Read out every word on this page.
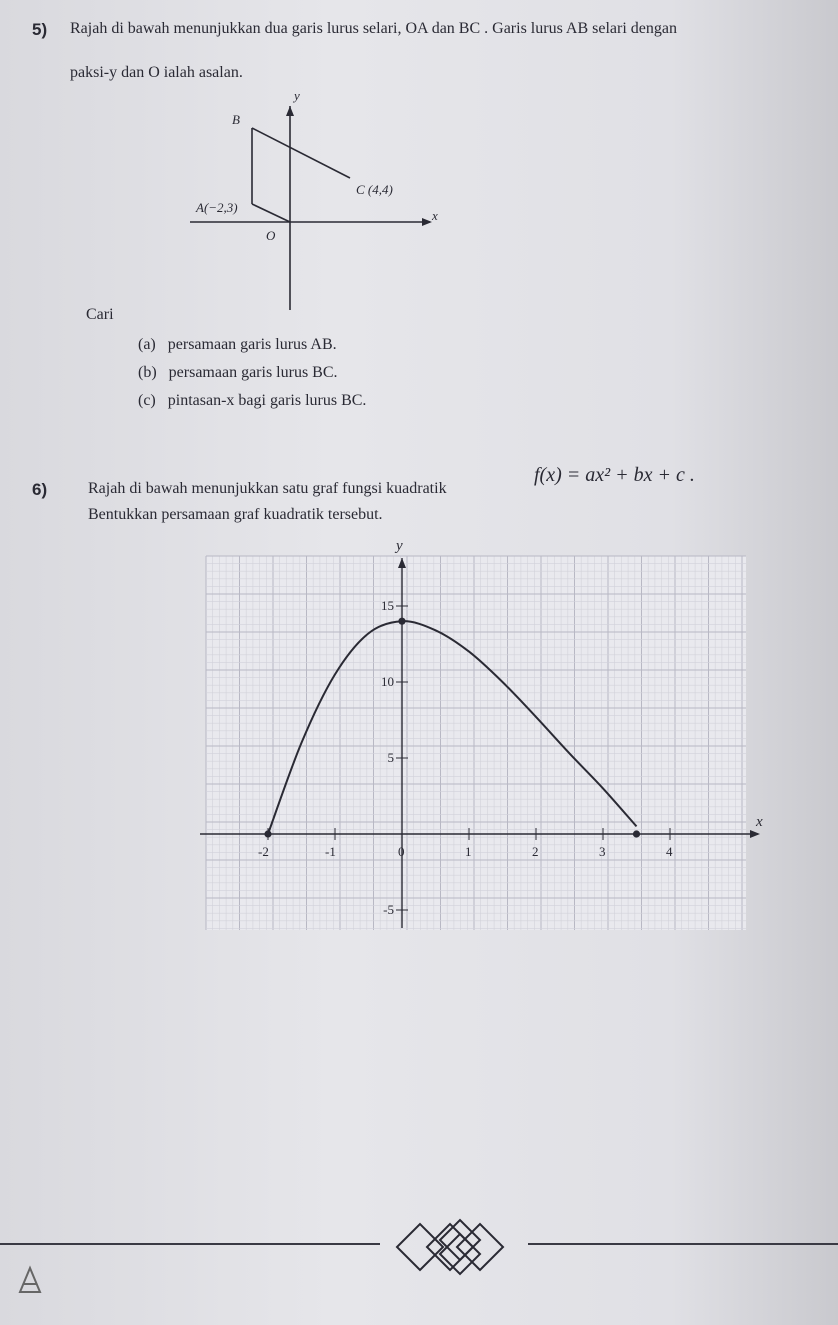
5) Rajah di bawah menunjukkan dua garis lurus selari, OA dan BC . Garis lurus AB selari dengan
paksi-y dan O ialah asalan.
y
x
O
B
A(−2,3)
C (4,4)
Cari
(a) persamaan garis lurus AB.
(b) persamaan garis lurus BC.
(c) pintasan-x bagi garis lurus BC.
6)	Rajah di bawah menunjukkan satu graf fungsi kuadratik
f(x) = ax² + bx + c .
Bentukkan persamaan graf kuadratik tersebut.
x
y
-2	-1	0	1	2	3	4
15
10
5
-5
